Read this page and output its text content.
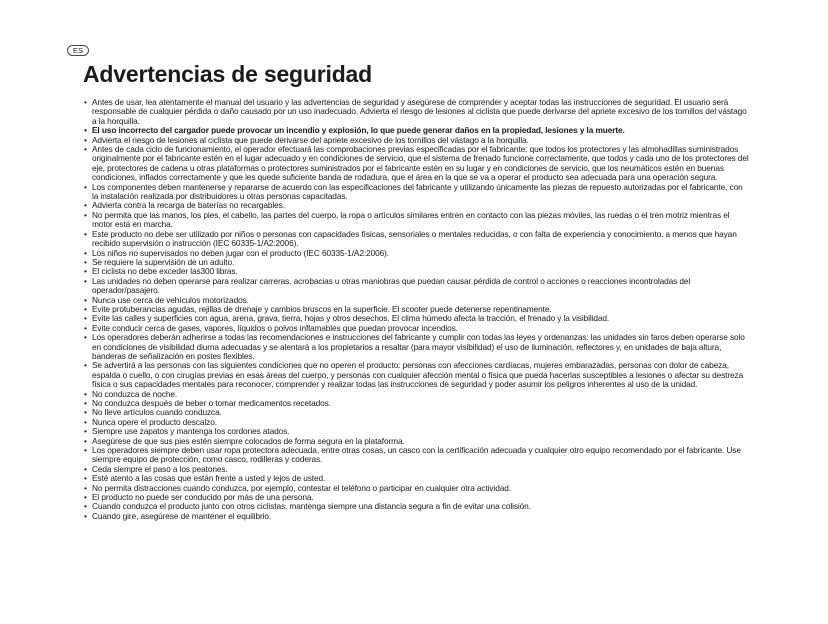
ES
Advertencias de seguridad
• Antes de usar, lea atentamente el manual del usuario y las advertencias de seguridad y asegúrese de comprender y aceptar todas las instrucciones de seguridad. El usuario será responsable de cualquier pérdida o daño causado por un uso inadecuado. Advierta el riesgo de lesiones al ciclista que puede derivarse del apriete excesivo de los tornillos del vástago a la horquilla.
• El uso incorrecto del cargador puede provocar un incendio y explosión, lo que puede generar daños en la propiedad, lesiones y la muerte.
• Advierta el riesgo de lesiones al ciclista que puede derivarse del apriete excesivo de los tornillos del vástago a la horquilla.
• Antes de cada ciclo de funcionamiento, el operador efectuará las comprobaciones previas especificadas por el fabricante: que todos los protectores y las almohadillas suministrados originalmente por el fabricante estén en el lugar adecuado y en condiciones de servicio, que el sistema de frenado funcione correctamente, que todos y cada uno de los protectores del eje, protectores de cadena u otras plataformas o protectores suministrados por el fabricante estén en su lugar y en condiciones de servicio, que los neumáticos estén en buenas condiciones, inflados correctamente y que les quede suficiente banda de rodadura, que el área en la que se va a operar el producto sea adecuada para una operación segura.
• Los componentes deben mantenerse y repararse de acuerdo con las especificaciones del fabricante y utilizando únicamente las piezas de repuesto autorizadas por el fabricante, con la instalación realizada por distribuidores u otras personas capacitadas.
• Advierta contra la recarga de baterías no recargables.
• No permita que las manos, los pies, el cabello, las partes del cuerpo, la ropa o artículos similares entren en contacto con las piezas móviles, las ruedas o el tren motriz mientras el motor está en marcha.
• Este producto no debe ser utilizado por niños o personas con capacidades físicas, sensoriales o mentales reducidas, o con falta de experiencia y conocimiento, a menos que hayan recibido supervisión o instrucción (IEC 60335-1/A2:2006).
• Los niños no supervisados no deben jugar con el producto (IEC 60335-1/A2:2006).
• Se requiere la supervisión de un adulto.
• El ciclista no debe exceder las300 libras.
• Las unidades no deben operarse para realizar carreras, acrobacias u otras maniobras que puedan causar pérdida de control o acciones o reacciones incontroladas del operador/pasajero.
• Nunca use cerca de vehículos motorizados.
• Evite protuberancias agudas, rejillas de drenaje y cambios bruscos en la superficie. El scooter puede detenerse repentinamente.
• Evite las calles y superficies con agua, arena, grava, tierra, hojas y otros desechos. El clima húmedo afecta la tracción, el frenado y la visibilidad.
• Evite conducir cerca de gases, vapores, líquidos o polvos inflamables que puedan provocar incendios.
• Los operadores deberán adherirse a todas las recomendaciones e instrucciones del fabricante y cumplir con todas las leyes y ordenanzas: las unidades sin faros deben operarse solo en condiciones de visibilidad diurna adecuadas y se alentará a los propietarios a resaltar (para mayor visibilidad) el uso de iluminación, reflectores y, en unidades de baja altura, banderas de señalización en postes flexibles.
• Se advertirá a las personas con las siguientes condiciones que no operen el producto: personas con afecciones cardíacas, mujeres embarazadas, personas con dolor de cabeza, espalda o cuello, o con cirugías previas en esas áreas del cuerpo, y personas con cualquier afección mental o física que pueda hacerlas susceptibles a lesiones o afectar su destreza física o sus capacidades mentales para reconocer, comprender y realizar todas las instrucciones de seguridad y poder asumir los peligros inherentes al uso de la unidad.
• No conduzca de noche.
• No conduzca después de beber o tomar medicamentos recetados.
• No lleve artículos cuando conduzca.
• Nunca opere el producto descalzo.
• Siempre use zapatos y mantenga los cordones atados.
• Asegúrese de que sus pies estén siempre colocados de forma segura en la plataforma.
• Los operadores siempre deben usar ropa protectora adecuada, entre otras cosas, un casco con la certificación adecuada y cualquier otro equipo recomendado por el fabricante. Use siempre equipo de protección, como casco, rodilleras y coderas.
• Ceda siempre el paso a los peatones.
• Esté atento a las cosas que están frente a usted y lejos de usted.
• No permita distracciones cuando conduzca, por ejemplo, contestar el teléfono o participar en cualquier otra actividad.
• El producto no puede ser conducido por más de una persona.
• Cuando conduzca el producto junto con otros ciclistas, mantenga siempre una distancia segura a fin de evitar una colisión.
• Cuando gire, asegúrese de mantener el equilibrio.
